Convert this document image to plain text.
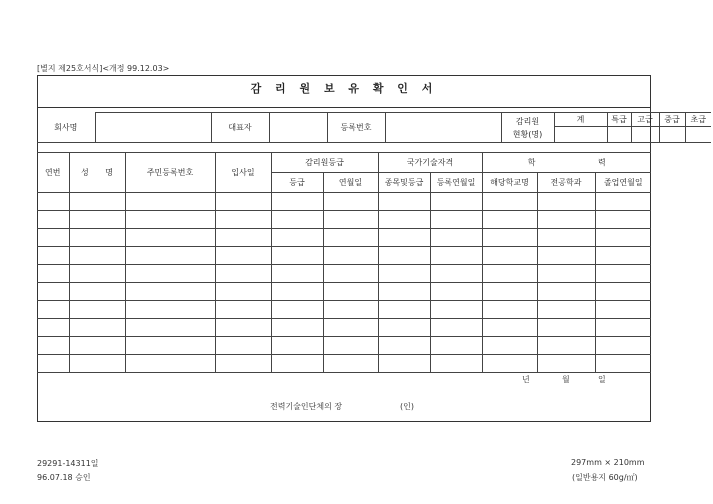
[별지 제25호서식]<개정 99.12.03>
감 리 원 보 유 확 인 서
회사명		대표자		등록번호		감리원
현황(명)	계	특급	고급	중급	초급

연번	성 명	주민등록번호	입사일	감리원등급		국가기술자격		학 력		
				등급	연월일	종목및등급	등록연월일	해당학교명	전공학과	졸업연월일

년	월	일
전력기술인단체의 장	(인)
29291-14311일
96.07.18 승인
297mm × 210mm
(일반용지 60g/㎡)
